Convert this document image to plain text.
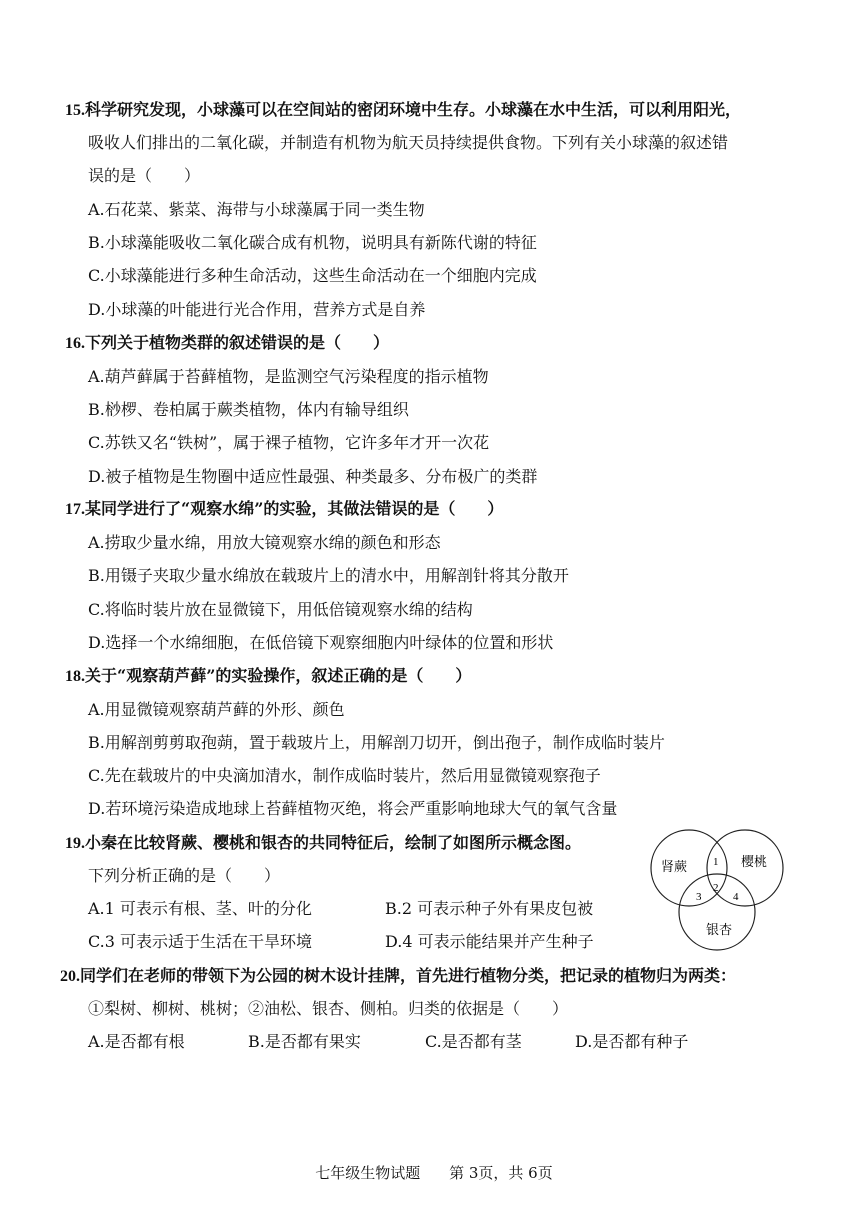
15.科学研究发现，小球藻可以在空间站的密闭环境中生存。小球藻在水中生活，可以利用阳光，
吸收人们排出的二氧化碳，并制造有机物为航天员持续提供食物。下列有关小球藻的叙述错
误的是（　　）
A.石花菜、紫菜、海带与小球藻属于同一类生物
B.小球藻能吸收二氧化碳合成有机物，说明具有新陈代谢的特征
C.小球藻能进行多种生命活动，这些生命活动在一个细胞内完成
D.小球藻的叶能进行光合作用，营养方式是自养
16.下列关于植物类群的叙述错误的是（　　）
A.葫芦藓属于苔藓植物，是监测空气污染程度的指示植物
B.桫椤、卷柏属于蕨类植物，体内有输导组织
C.苏铁又名“铁树”，属于裸子植物，它许多年才开一次花
D.被子植物是生物圈中适应性最强、种类最多、分布极广的类群
17.某同学进行了“观察水绵”的实验，其做法错误的是（　　）
A.捞取少量水绵，用放大镜观察水绵的颜色和形态
B.用镊子夹取少量水绵放在载玻片上的清水中，用解剖针将其分散开
C.将临时装片放在显微镜下，用低倍镜观察水绵的结构
D.选择一个水绵细胞，在低倍镜下观察细胞内叶绿体的位置和形状
18.关于“观察葫芦藓”的实验操作，叙述正确的是（　　）
A.用显微镜观察葫芦藓的外形、颜色
B.用解剖剪剪取孢蒴，置于载玻片上，用解剖刀切开，倒出孢子，制作成临时装片
C.先在载玻片的中央滴加清水，制作成临时装片，然后用显微镜观察孢子
D.若环境污染造成地球上苔藓植物灭绝，将会严重影响地球大气的氧气含量
19.小秦在比较肾蕨、樱桃和银杏的共同特征后，绘制了如图所示概念图。
下列分析正确的是（　　）
A.1 可表示有根、茎、叶的分化	B.2 可表示种子外有果皮包被
C.3 可表示适于生活在干旱环境	D.4 可表示能结果并产生种子
肾蕨	樱桃
银杏
1
2
3	4
20.同学们在老师的带领下为公园的树木设计挂牌，首先进行植物分类，把记录的植物归为两类：
①梨树、柳树、桃树；②油松、银杏、侧柏。归类的依据是（　　）
A.是否都有根	B.是否都有果实	C.是否都有茎	D.是否都有种子
七年级生物试题 第 3页，共 6页
